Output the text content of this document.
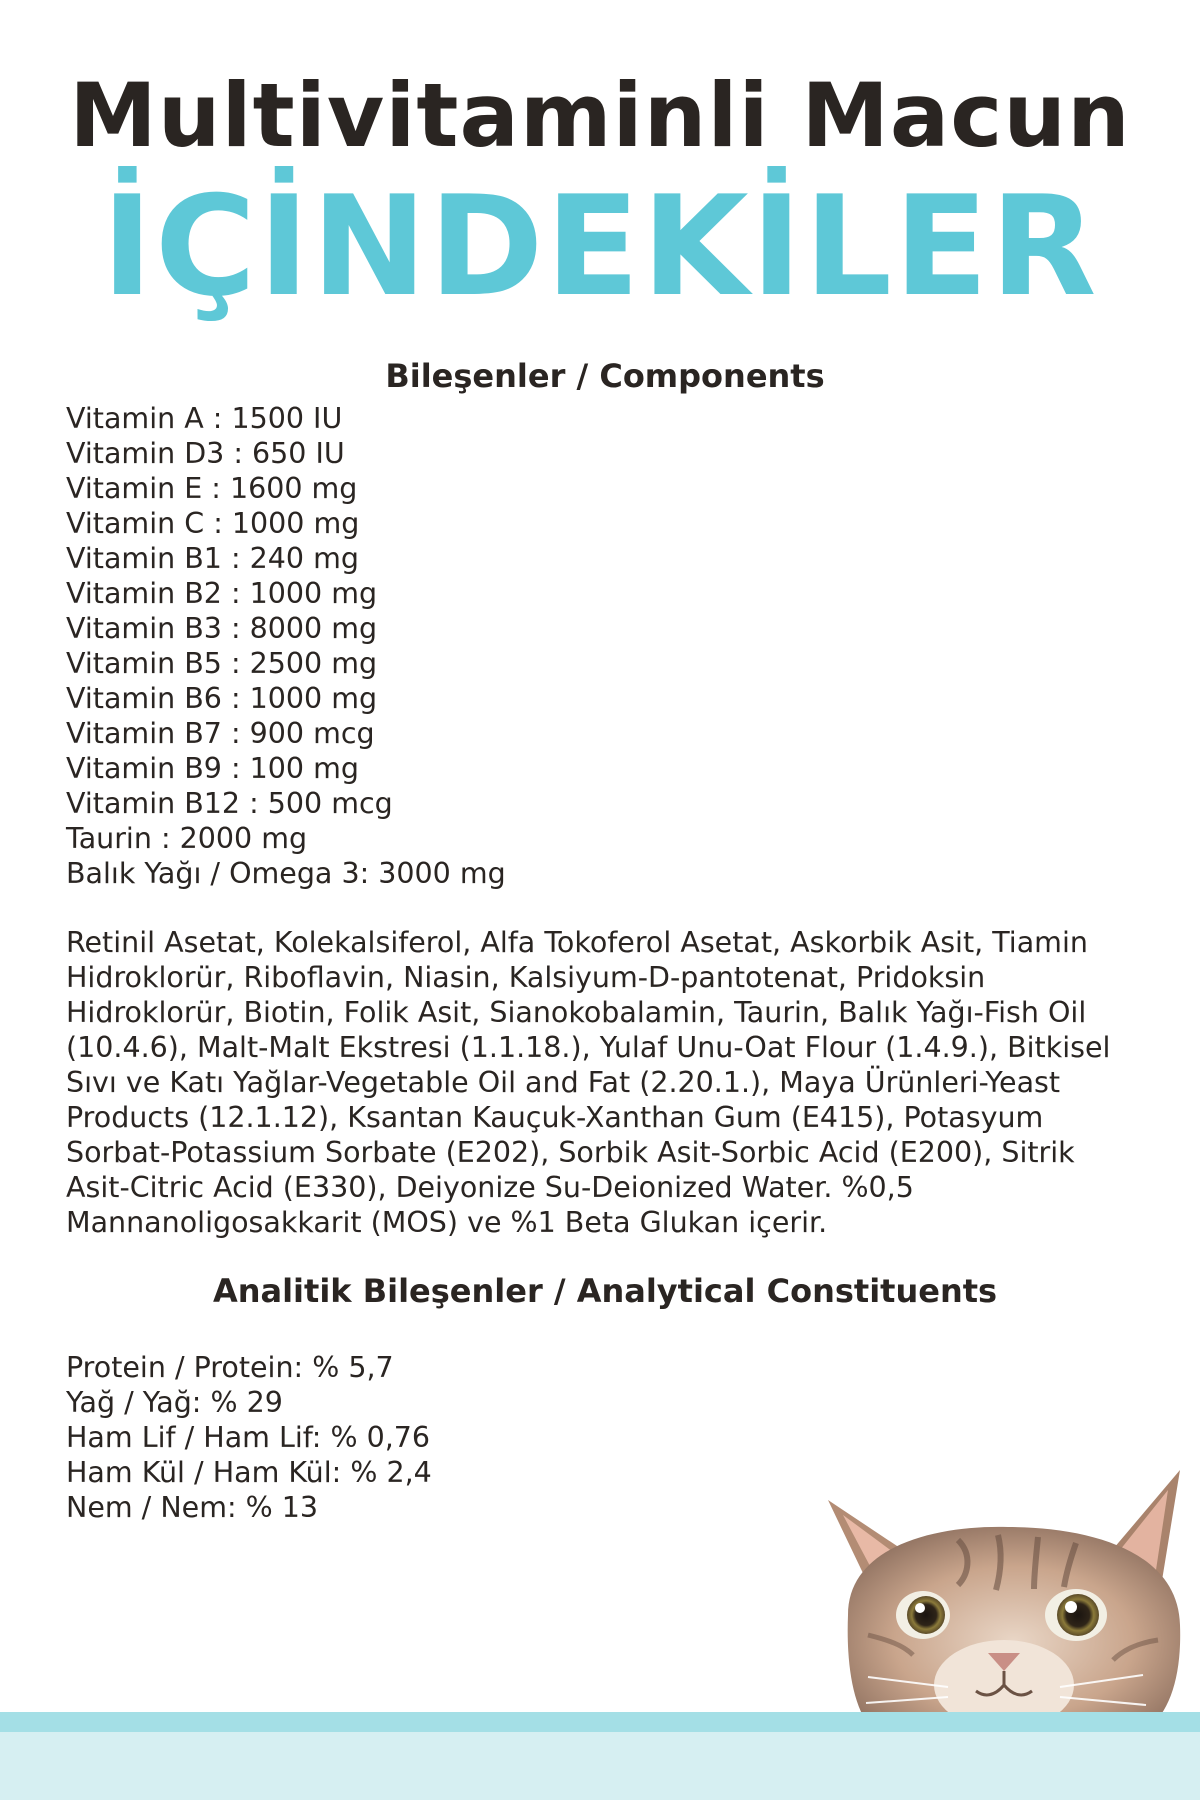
Multivitaminli Macun
İÇİNDEKİLER
Bileşenler / Components
Vitamin A : 1500 IU
Vitamin D3 : 650 IU
Vitamin E : 1600 mg
Vitamin C : 1000 mg
Vitamin B1 : 240 mg
Vitamin B2 : 1000 mg
Vitamin B3 : 8000 mg
Vitamin B5 : 2500 mg
Vitamin B6 : 1000 mg
Vitamin B7 : 900 mcg
Vitamin B9 : 100 mg
Vitamin B12 : 500 mcg
Taurin : 2000 mg
Balık Yağı / Omega 3: 3000 mg
Retinil Asetat, Kolekalsiferol, Alfa Tokoferol Asetat, Askorbik Asit, Tiamin
Hidroklorür, Riboflavin, Niasin, Kalsiyum-D-pantotenat, Pridoksin
Hidroklorür, Biotin, Folik Asit, Sianokobalamin, Taurin, Balık Yağı-Fish Oil
(10.4.6), Malt-Malt Ekstresi (1.1.18.), Yulaf Unu-Oat Flour (1.4.9.), Bitkisel
Sıvı ve Katı Yağlar-Vegetable Oil and Fat (2.20.1.), Maya Ürünleri-Yeast
Products (12.1.12), Ksantan Kauçuk-Xanthan Gum (E415), Potasyum
Sorbat-Potassium Sorbate (E202), Sorbik Asit-Sorbic Acid (E200), Sitrik
Asit-Citric Acid (E330), Deiyonize Su-Deionized Water. %0,5
Mannanoligosakkarit (MOS) ve %1 Beta Glukan içerir.
Analitik Bileşenler / Analytical Constituents
Protein / Protein: % 5,7
Yağ / Yağ: % 29
Ham Lif / Ham Lif: % 0,76
Ham Kül / Ham Kül: % 2,4
Nem / Nem: % 13
